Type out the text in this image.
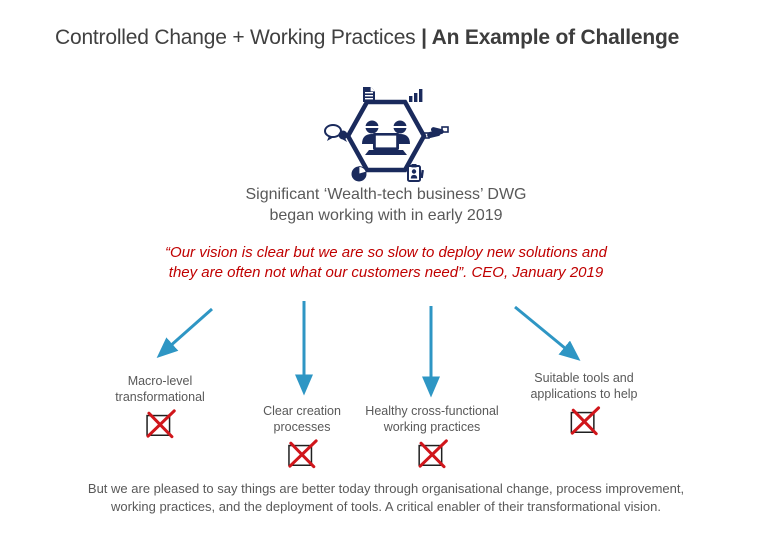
Controlled Change + Working Practices | An Example of Challenge
Significant ‘Wealth-tech business’ DWG
began working with in early 2019
“Our vision is clear but we are so slow to deploy new solutions and
they are often not what our customers need”. CEO, January 2019
Macro-level
transformational
Clear creation
processes
Healthy cross-functional
working practices
Suitable tools and
applications to help
But we are pleased to say things are better today through organisational change, process improvement,
working practices, and the deployment of tools. A critical enabler of their transformational vision.
